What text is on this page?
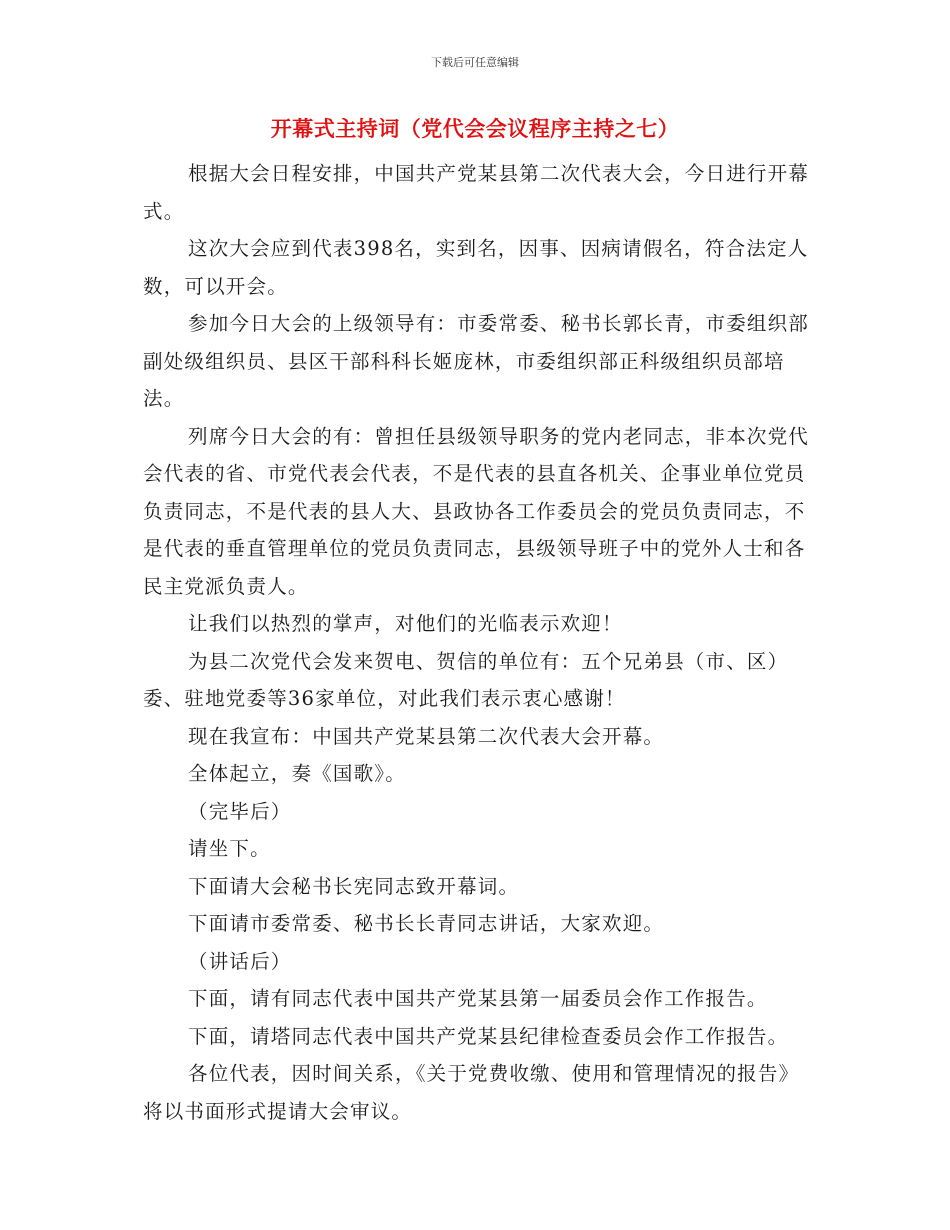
下载后可任意编辑
开幕式主持词（党代会会议程序主持之七）

根据大会日程安排，中国共产党某县第二次代表大会，今日进行开幕式。

这次大会应到代表398名，实到名，因事、因病请假名，符合法定人数，可以开会。

参加今日大会的上级领导有：市委常委、秘书长郭长青，市委组织部副处级组织员、县区干部科科长姬庞林，市委组织部正科级组织员部培法。

列席今日大会的有：曾担任县级领导职务的党内老同志，非本次党代会代表的省、市党代表会代表，不是代表的县直各机关、企事业单位党员负责同志，不是代表的县人大、县政协各工作委员会的党员负责同志，不是代表的垂直管理单位的党员负责同志，县级领导班子中的党外人士和各民主党派负责人。

让我们以热烈的掌声，对他们的光临表示欢迎！

为县二次党代会发来贺电、贺信的单位有：五个兄弟县（市、区）委、驻地党委等36家单位，对此我们表示衷心感谢！

现在我宣布：中国共产党某县第二次代表大会开幕。

全体起立，奏《国歌》。

（完毕后）

请坐下。

下面请大会秘书长宪同志致开幕词。

下面请市委常委、秘书长长青同志讲话，大家欢迎。

（讲话后）

下面，请有同志代表中国共产党某县第一届委员会作工作报告。

下面，请塔同志代表中国共产党某县纪律检查委员会作工作报告。

各位代表，因时间关系，《关于党费收缴、使用和管理情况的报告》将以书面形式提请大会审议。
